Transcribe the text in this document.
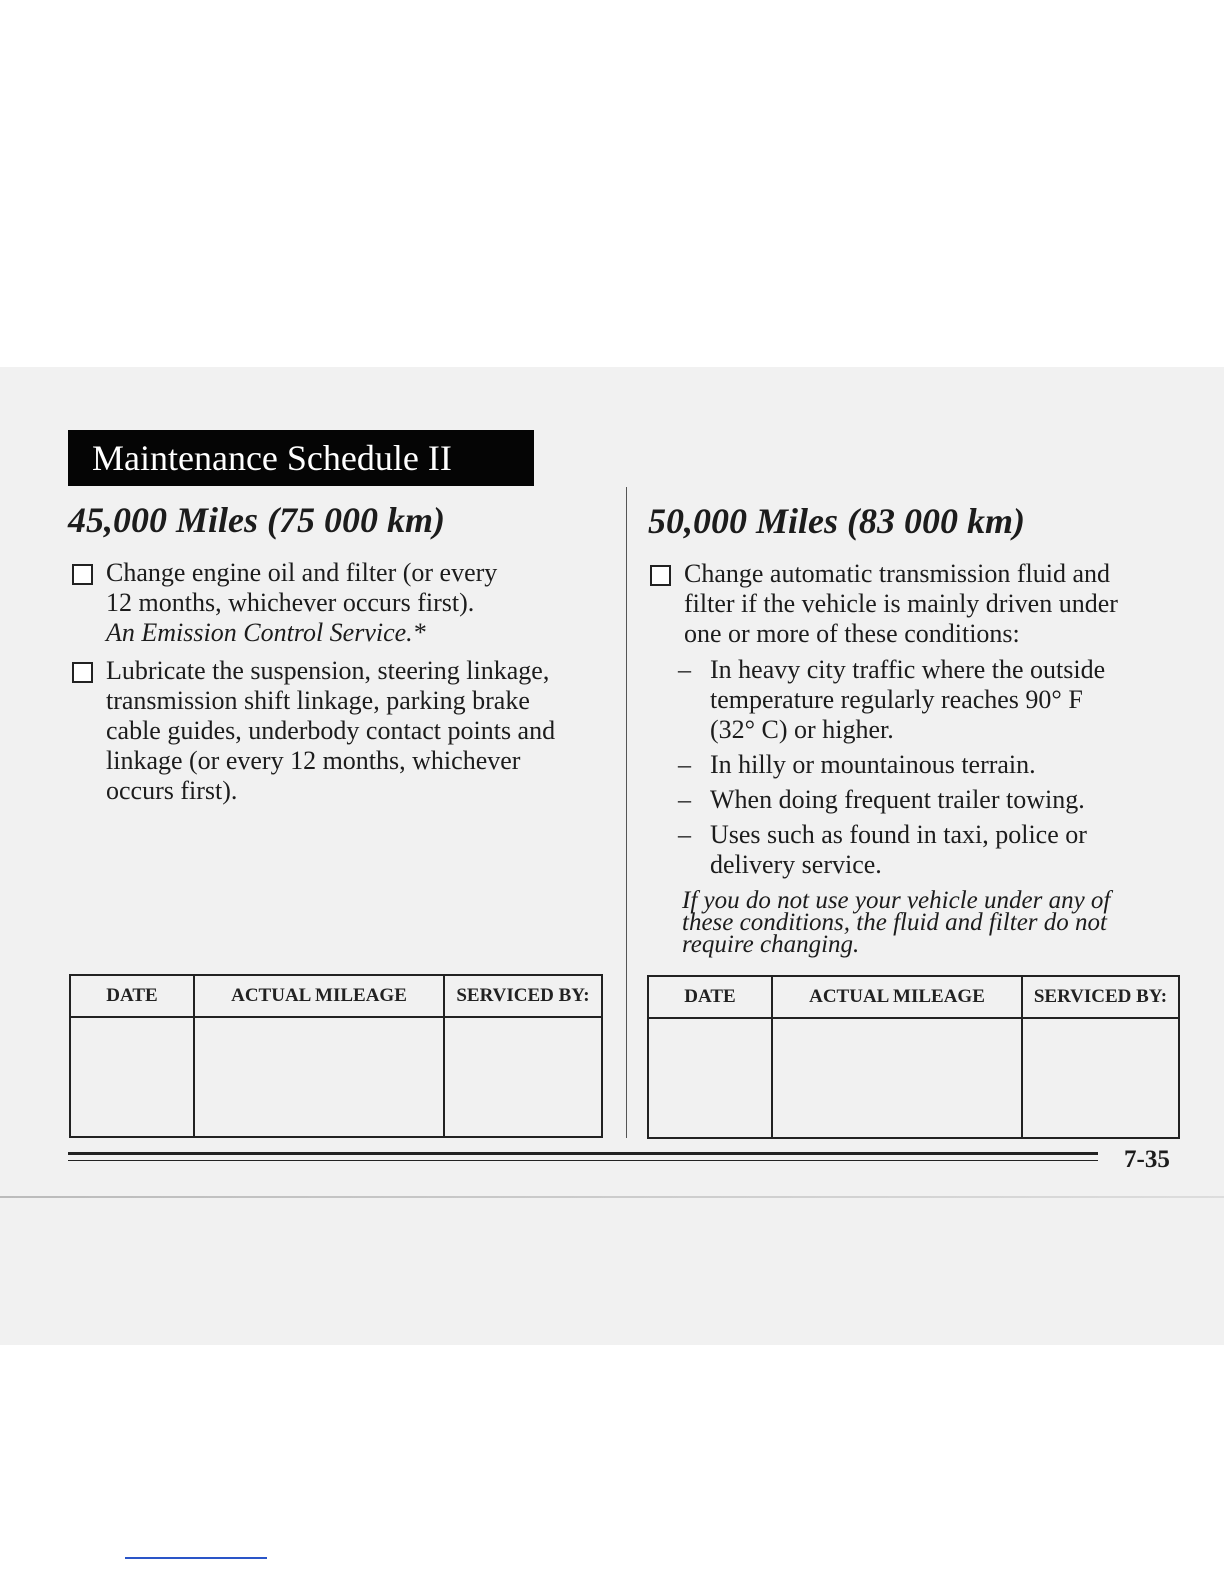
Maintenance Schedule II
45,000 Miles (75 000 km)
Change engine oil and filter (or every
12 months, whichever occurs first).
An Emission Control Service.*
Lubricate the suspension, steering linkage,
transmission shift linkage, parking brake
cable guides, underbody contact points and
linkage (or every 12 months, whichever
occurs first).
DATE	ACTUAL MILEAGE	SERVICED BY:

50,000 Miles (83 000 km)
Change automatic transmission fluid and
filter if the vehicle is mainly driven under
one or more of these conditions:
– In heavy city traffic where the outside
temperature regularly reaches 90° F
(32° C) or higher.
– In hilly or mountainous terrain.
– When doing frequent trailer towing.
– Uses such as found in taxi, police or
delivery service.
If you do not use your vehicle under any of
these conditions, the fluid and filter do not
require changing.
DATE	ACTUAL MILEAGE	SERVICED BY:

7-35
